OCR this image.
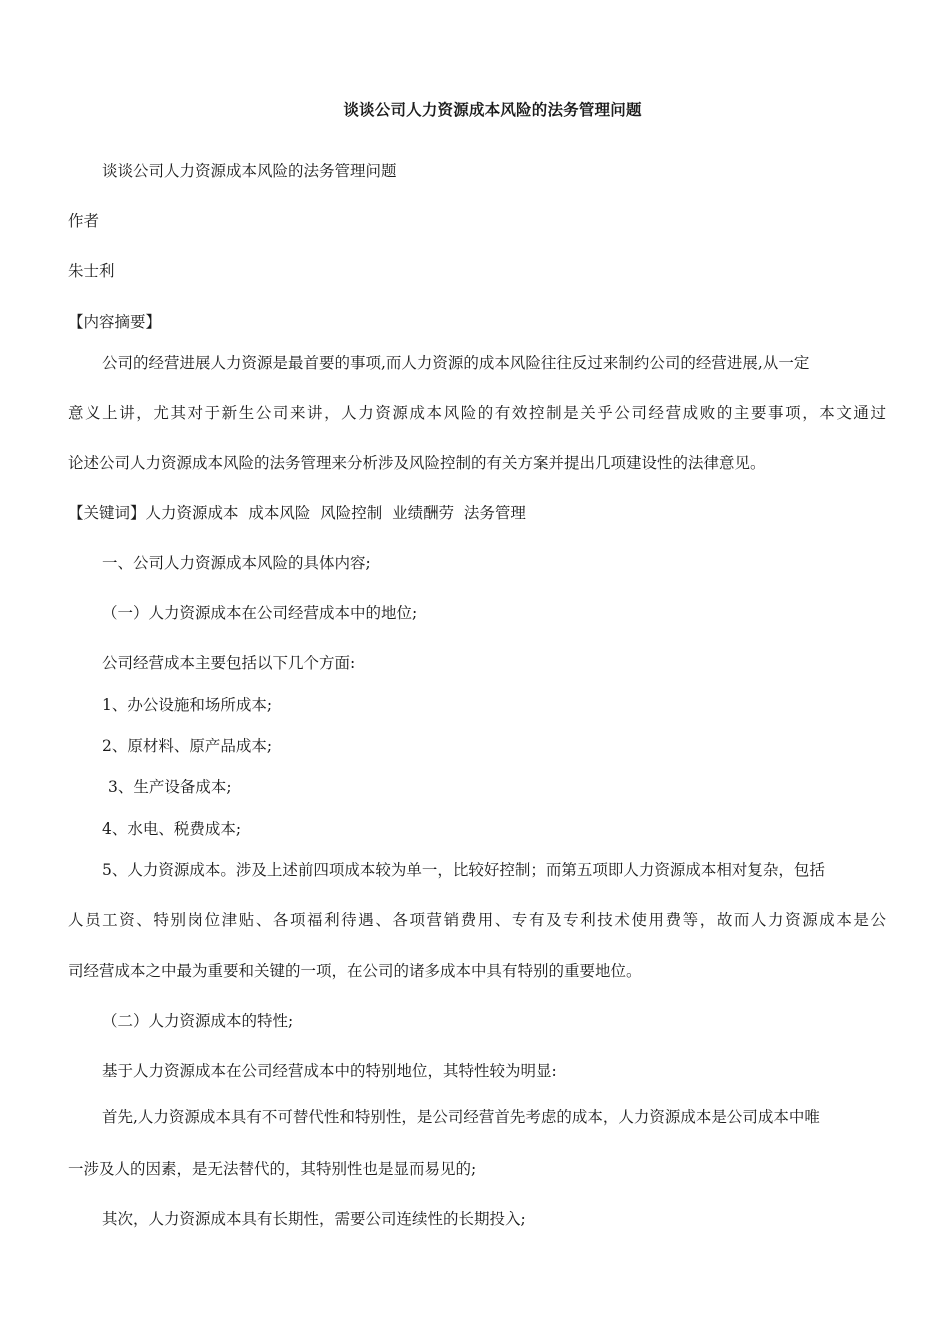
谈谈公司人力资源成本风险的法务管理问题
谈谈公司人力资源成本风险的法务管理问题
作者
朱士利
【内容摘要】
公司的经营进展人力资源是最首要的事项,而人力资源的成本风险往往反过来制约公司的经营进展,从一定
意义上讲，尤其对于新生公司来讲，人力资源成本风险的有效控制是关乎公司经营成败的主要事项，本文通过
论述公司人力资源成本风险的法务管理来分析涉及风险控制的有关方案并提出几项建设性的法律意见。
【关键词】人力资源成本  成本风险  风险控制  业绩酬劳  法务管理
一、公司人力资源成本风险的具体内容;
（一）人力资源成本在公司经营成本中的地位;
公司经营成本主要包括以下几个方面:
1、办公设施和场所成本;
2、原材料、原产品成本;
3、生产设备成本;
4、水电、税费成本;
5、人力资源成本。涉及上述前四项成本较为单一，比较好控制；而第五项即人力资源成本相对复杂，包括
人员工资、特别岗位津贴、各项福利待遇、各项营销费用、专有及专利技术使用费等，故而人力资源成本是公
司经营成本之中最为重要和关键的一项，在公司的诸多成本中具有特别的重要地位。
（二）人力资源成本的特性;
基于人力资源成本在公司经营成本中的特别地位，其特性较为明显:
首先,人力资源成本具有不可替代性和特别性，是公司经营首先考虑的成本，人力资源成本是公司成本中唯
一涉及人的因素，是无法替代的，其特别性也是显而易见的;
其次，人力资源成本具有长期性，需要公司连续性的长期投入;
